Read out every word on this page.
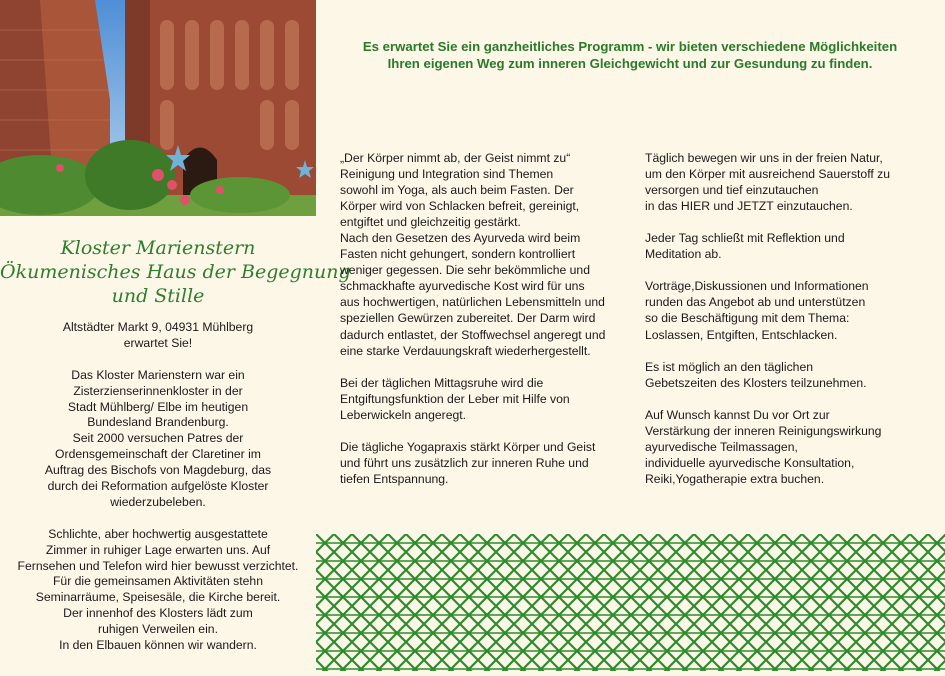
Kloster Marienstern
Ökumenisches Haus der Begegnung
und Stille

Altstädter Markt 9, 04931 Mühlberg

erwartet Sie!

Das Kloster Marienstern war ein

Zisterzienserinnenkloster in der

Stadt Mühlberg/ Elbe im heutigen

Bundesland Brandenburg.

Seit 2000 versuchen Patres der

Ordensgemeinschaft der Claretiner im

Auftrag des Bischofs von Magdeburg, das

durch dei Reformation aufgelöste Kloster

wiederzubeleben.

Schlichte, aber hochwertig ausgestattete

Zimmer in ruhiger Lage erwarten uns. Auf

Fernsehen und Telefon wird hier bewusst verzichtet.

Für die gemeinsamen Aktivitäten stehn

Seminarräume, Speisesäle, die Kirche bereit.

Der innenhof des Klosters lädt zum

ruhigen Verweilen ein.

In den Elbauen können wir wandern.

Es erwartet Sie ein ganzheitliches Programm - wir bieten verschiedene Möglichkeiten
Ihren eigenen Weg zum inneren Gleichgewicht und zur Gesundung zu finden.
„Der Körper nimmt ab, der Geist nimmt zu“
Reinigung und Integration sind Themen
sowohl im Yoga, als auch beim Fasten. Der
Körper wird von Schlacken befreit, gereinigt,
entgiftet und gleichzeitig gestärkt.
Nach den Gesetzen des Ayurveda wird beim
Fasten nicht gehungert, sondern kontrolliert
weniger gegessen. Die sehr bekömmliche und
schmackhafte ayurvedische Kost wird für uns
aus hochwertigen, natürlichen Lebensmitteln und
speziellen Gewürzen zubereitet. Der Darm wird
dadurch entlastet, der Stoffwechsel angeregt und
eine starke Verdauungskraft wiederhergestellt.
Bei der täglichen Mittagsruhe wird die
Entgiftungsfunktion der Leber mit Hilfe von
Leberwickeln angeregt.
Die tägliche Yogapraxis stärkt Körper und Geist
und führt uns zusätzlich zur inneren Ruhe und
tiefen Entspannung.
Täglich bewegen wir uns in der freien Natur,
um den Körper mit ausreichend Sauerstoff zu
versorgen und tief einzutauchen
in das HIER und JETZT einzutauchen.
Jeder Tag schließt mit Reflektion und
Meditation ab.
Vorträge,Diskussionen und Informationen
runden das Angebot ab und unterstützen
so die Beschäftigung mit dem Thema:
Loslassen, Entgiften, Entschlacken.
Es ist möglich an den täglichen
Gebetszeiten des Klosters teilzunehmen.
Auf Wunsch kannst Du vor Ort zur
Verstärkung der inneren Reinigungswirkung
ayurvedische Teilmassagen,
individuelle ayurvedische Konsultation,
Reiki,Yogatherapie extra buchen.
